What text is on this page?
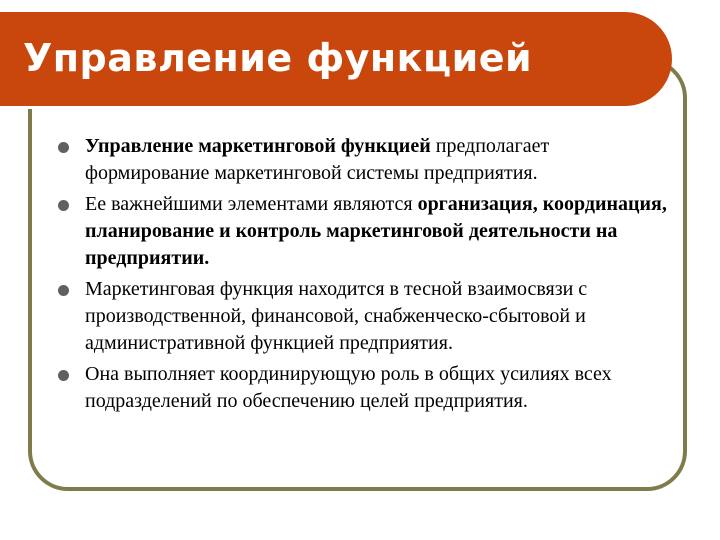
Управление функцией
Управление маркетинговой функцией предполагает формирование маркетинговой системы предприятия.
Ее важнейшими элементами являются организация, координация, планирование и контроль маркетинговой деятельности на предприятии.
Маркетинговая функция находится в тесной взаимосвязи с производственной, финансовой, снабженческо-сбытовой и административной функцией предприятия.
Она выполняет координирующую роль в общих усилиях всех подразделений по обеспечению целей предприятия.
